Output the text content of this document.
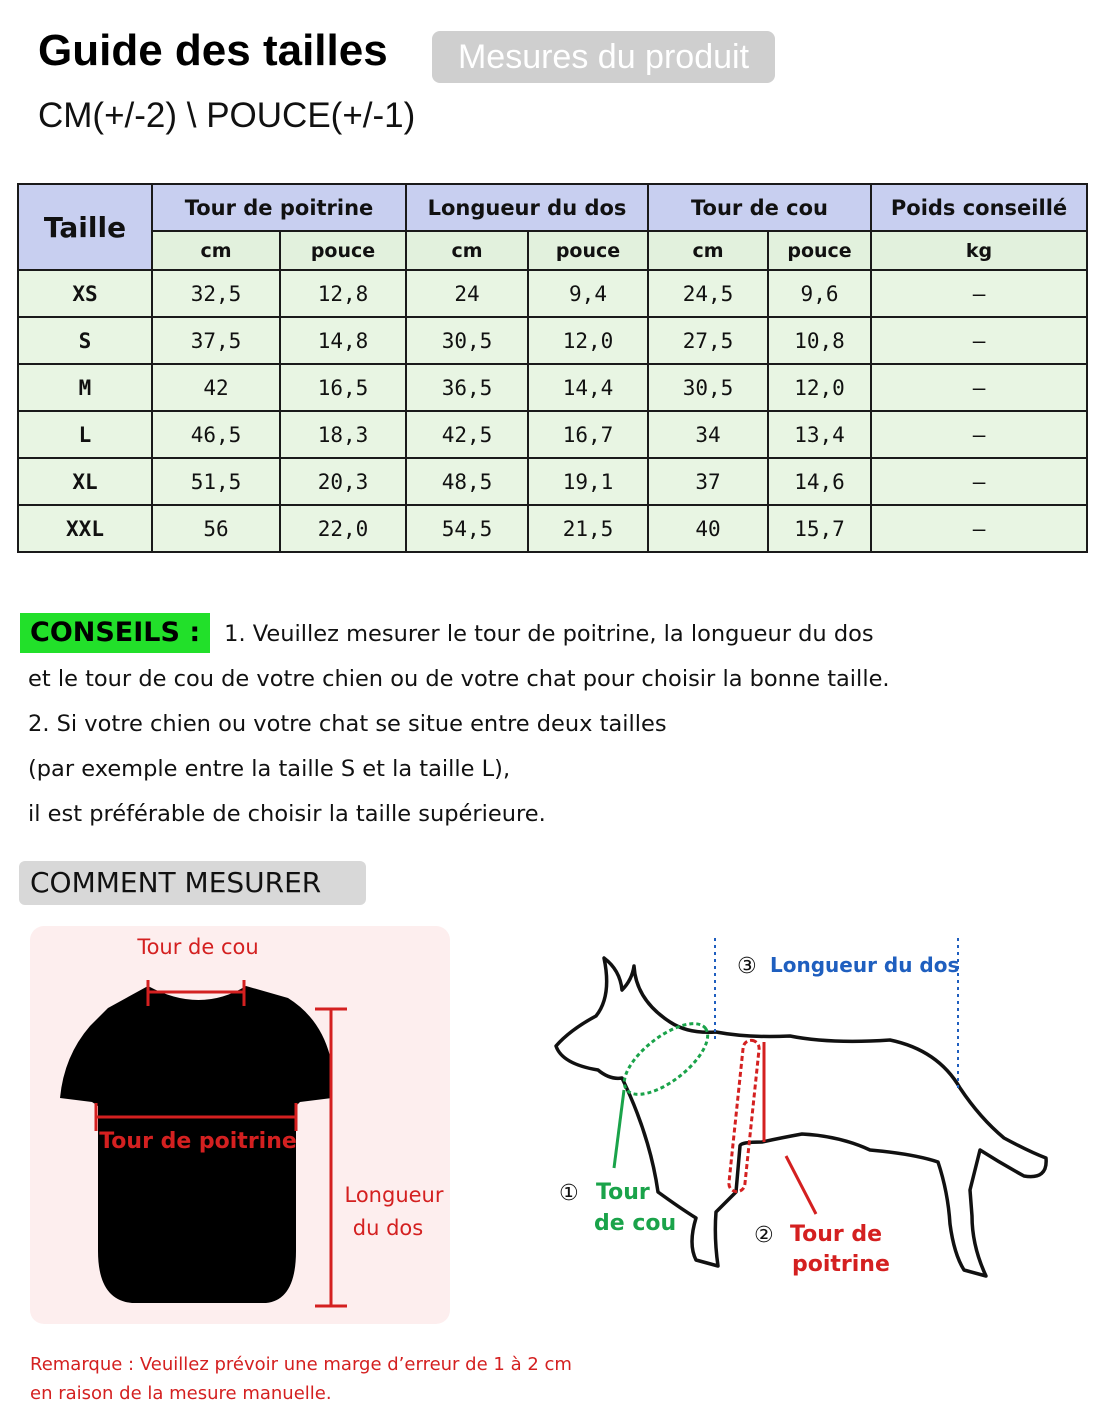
Guide des tailles	Mesures du produit
CM(+/-2) \ POUCE(+/-1)
Taille	Tour de poitrine		Longueur du dos		Tour de cou		Poids conseillé
	cm	pouce	cm	pouce	cm	pouce	kg
XS	32,5	12,8	24	9,4	24,5	9,6	–
S	37,5	14,8	30,5	12,0	27,5	10,8	–
M	42	16,5	36,5	14,4	30,5	12,0	–
L	46,5	18,3	42,5	16,7	34	13,4	–
XL	51,5	20,3	48,5	19,1	37	14,6	–
XXL	56	22,0	54,5	21,5	40	15,7	–
CONSEILS : 1. Veuillez mesurer le tour de poitrine, la longueur du dos
et le tour de cou de votre chien ou de votre chat pour choisir la bonne taille.
2. Si votre chien ou votre chat se situe entre deux tailles
(par exemple entre la taille S et la taille L),
il est préférable de choisir la taille supérieure.
COMMENT MESURER
Tour de cou
Tour de poitrine
Longueur
du dos
③ Longueur du dos
① Tour
de cou	② Tour de
poitrine
Remarque : Veuillez prévoir une marge d’erreur de 1 à 2 cm
en raison de la mesure manuelle.
